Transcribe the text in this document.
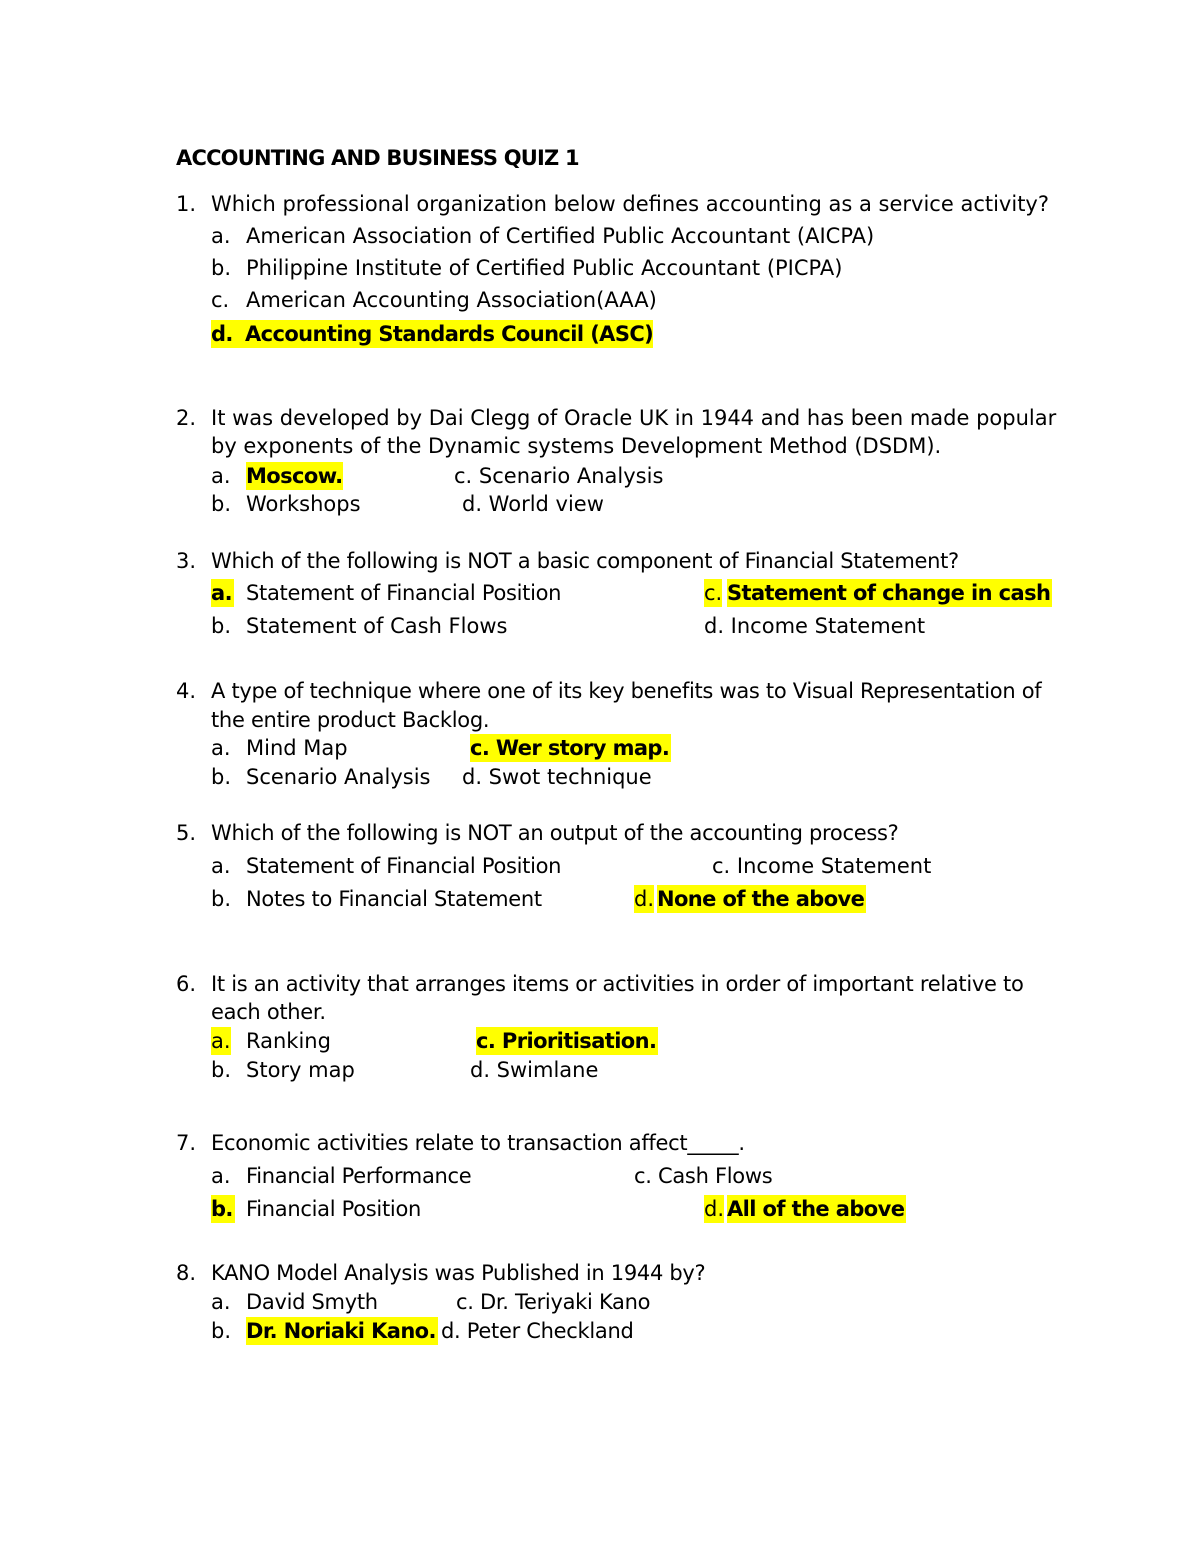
ACCOUNTING AND BUSINESS QUIZ 1
1. Which professional organization below defines accounting as a service activity?
a. American Association of Certified Public Accountant (AICPA)
b. Philippine Institute of Certified Public Accountant (PICPA)
c. American Accounting Association(AAA)
d. Accounting Standards Council (ASC)
2. It was developed by Dai Clegg of Oracle UK in 1944 and has been made popular
by exponents of the Dynamic systems Development Method (DSDM).
a. Moscow.	c. Scenario Analysis
b. Workshops	d. World view
3. Which of the following is NOT a basic component of Financial Statement?
a. Statement of Financial Position	c. Statement of change in cash
b. Statement of Cash Flows	d. Income Statement
4. A type of technique where one of its key benefits was to Visual Representation of
the entire product Backlog.
a. Mind Map	c. Wer story map.
b. Scenario Analysis d. Swot technique
5. Which of the following is NOT an output of the accounting process?
a. Statement of Financial Position	c. Income Statement
b. Notes to Financial Statement	d. None of the above
6. It is an activity that arranges items or activities in order of important relative to
each other.
a. Ranking	c. Prioritisation.
b. Story map	d. Swimlane
7. Economic activities relate to transaction affect_____.
a. Financial Performance	c. Cash Flows
b. Financial Position	d. All of the above
8. KANO Model Analysis was Published in 1944 by?
a. David Smyth	c. Dr. Teriyaki Kano
b. Dr. Noriaki Kano. d. Peter Checkland
